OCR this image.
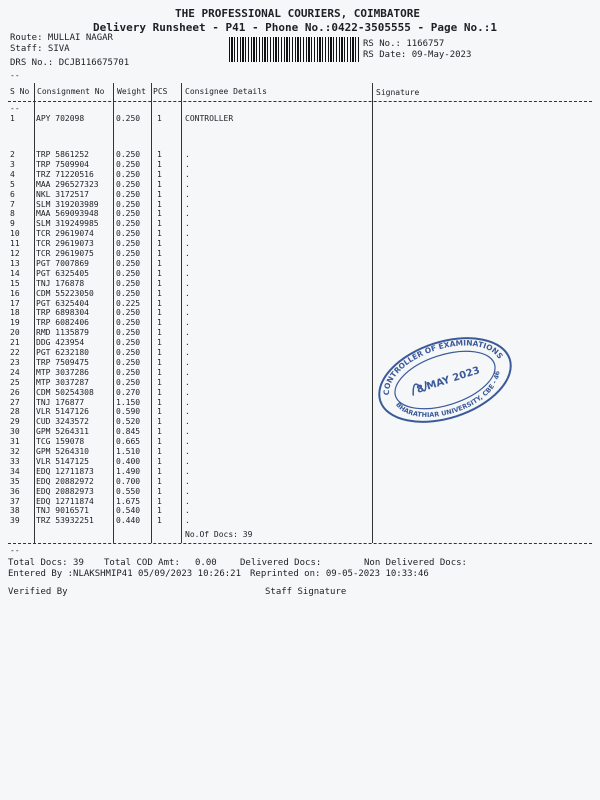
THE PROFESSIONAL COURIERS, COIMBATORE
Delivery Runsheet - P41 - Phone No.:0422-3505555 - Page No.:1
Route: MULLAI NAGAR
Staff: SIVA
DRS No.: DCJB116675701
RS No.: 1166757
RS Date: 09-May-2023
--
S No Consignment No Weight PCS Consignee Details	Signature
--
1	APY 702098	0.250 1	CONTROLLER
2	TRP 5861252	0.250 1	.
3	TRP 7509904	0.250 1	.
4	TRZ 71220516	0.250 1	.
5	MAA 296527323 0.250 1	.
6	NKL 3172517	0.250 1	.
7	SLM 319203989 0.250 1	.
8	MAA 569093948 0.250 1	.
9	SLM 319249985 0.250 1	.
10 TCR 29619074	0.250 1	.
11 TCR 29619073	0.250 1	.
12 TCR 29619075	0.250 1	.
13 PGT 7007869	0.250 1	.
14 PGT 6325405	0.250 1	.
15 TNJ 176878	0.250 1	.
16 CDM 55223050	0.250 1	.
17 PGT 6325404	0.225 1	.
18 TRP 6898304	0.250 1	.
19 TRP 6082406	0.250 1	.
20 RMD 1135879	0.250 1	.
21 DDG 423954	0.250 1	.
22 PGT 6232180	0.250 1	.
23 TRP 7509475	0.250 1	.
24 MTP 3037286	0.250 1	.
25 MTP 3037287	0.250 1	.
26 CDM 50254308	0.270 1	.
27 TNJ 176877	1.150 1	.
28 VLR 5147126	0.590 1	.
29 CUD 3243572	0.520 1	.
30 GPM 5264311	0.845 1	.
31 TCG 159078	0.665 1	.
32 GPM 5264310	1.510 1	.
33 VLR 5147125	0.400 1	.
34 EDQ 12711873	1.490 1	.
35 EDQ 20882972	0.700 1	.
36 EDQ 20882973	0.550 1	.
37 EDQ 12711874	1.675 1	.
38 TNJ 9016571	0.540 1	.
39 TRZ 53932251	0.440 1	.
No.Of Docs: 39
--
Total Docs: 39 Total COD Amt: 0.00	Delivered Docs:	Non Delivered Docs:
Entered By :NLAKSHMIP41 05/09/2023 10:26:21 Reprinted on: 09-05-2023 10:33:46
Verified By	Staff Signature
CONTROLLER OF EXAMINATIONS
BHARATHIAR UNIVERSITY, CBE - 46
8 MAY 2023
